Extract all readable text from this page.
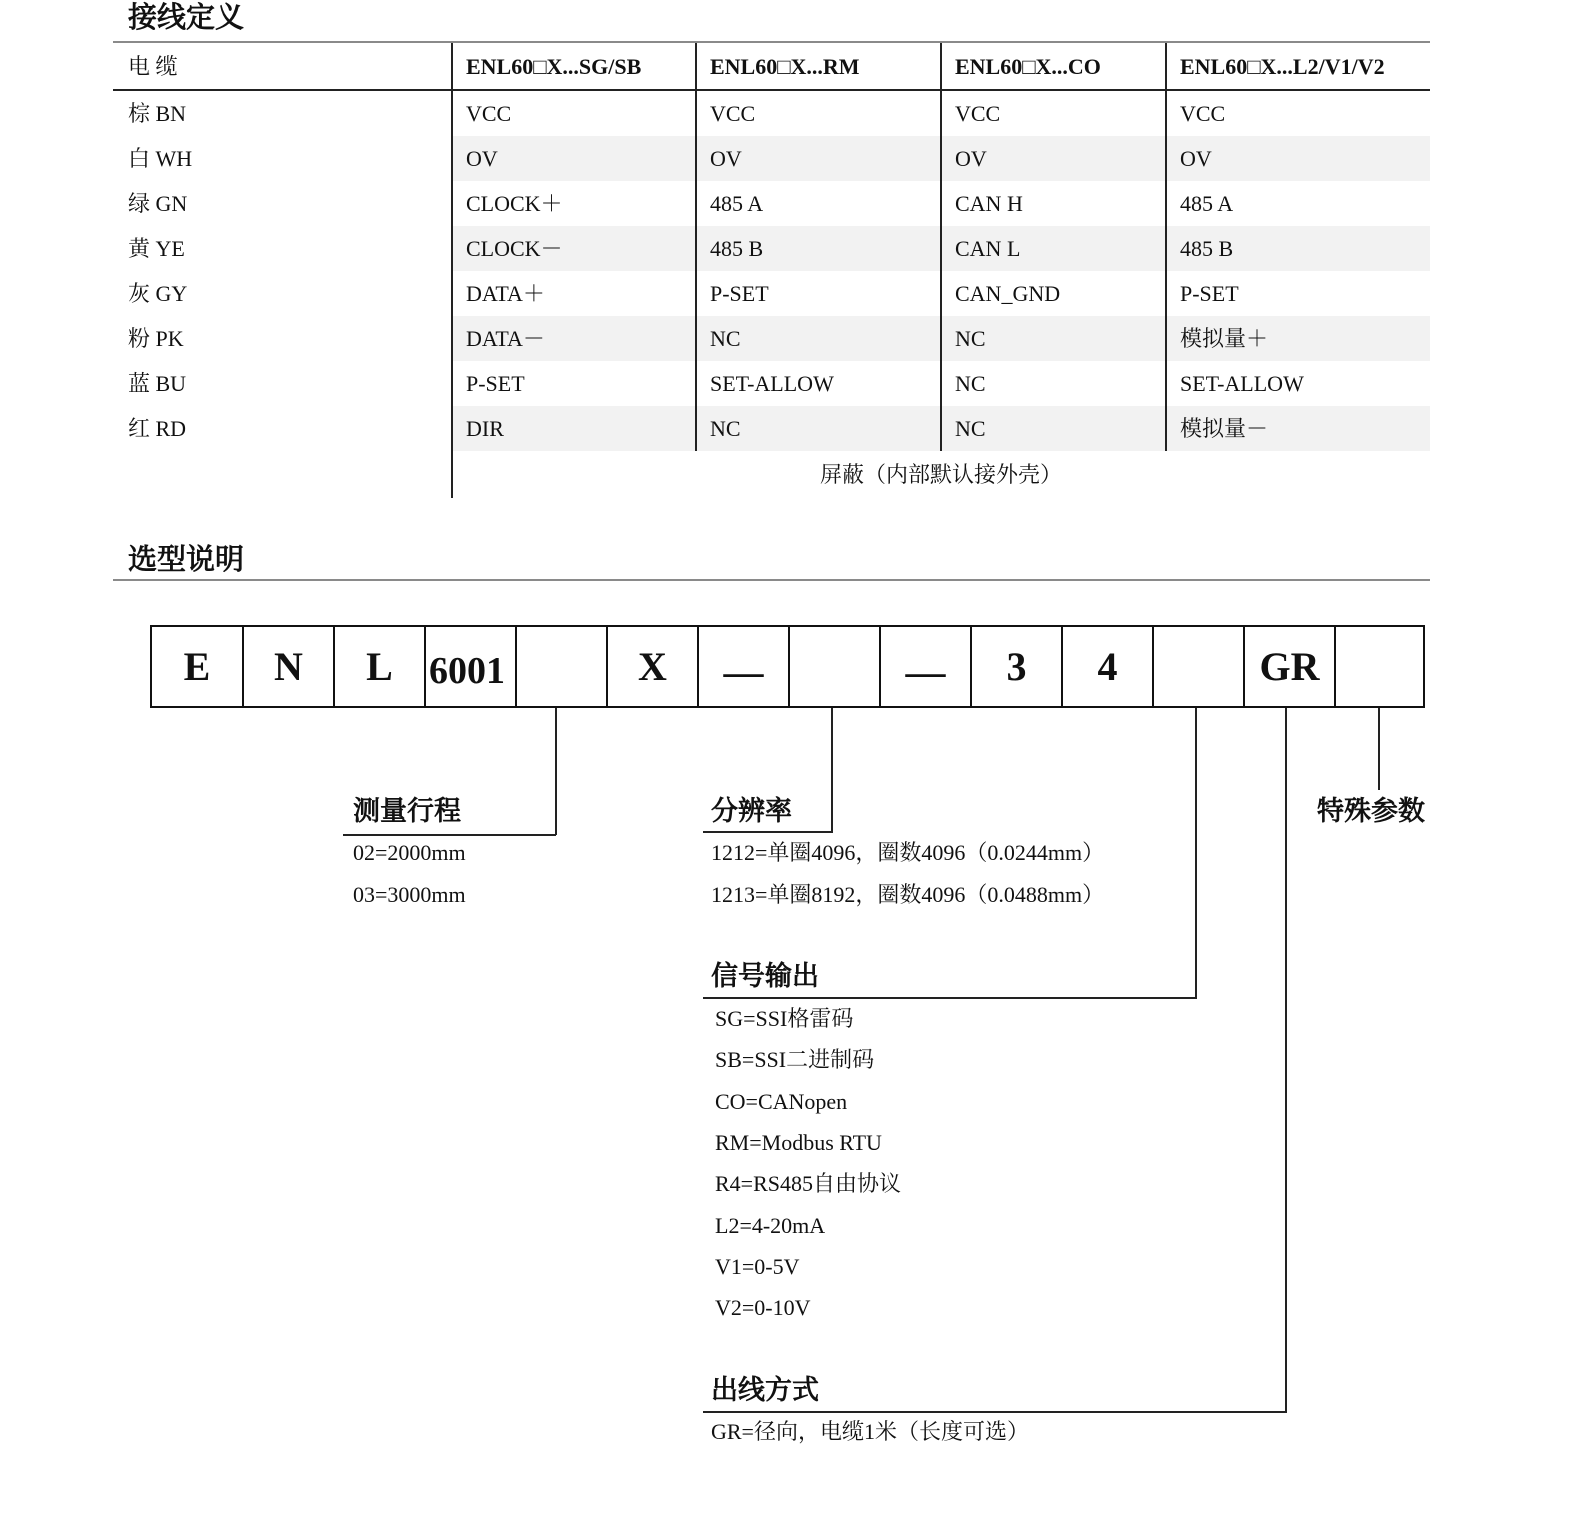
接线定义
电 缆	ENL60□X...SG/SB	ENL60□X...RM	ENL60□X...CO	ENL60□X...L2/V1/V2
棕 BN	VCC	VCC	VCC	VCC
白 WH	OV	OV	OV	OV
绿 GN	CLOCK＋	485 A	CAN H	485 A
黄 YE	CLOCK－	485 B	CAN L	485 B
灰 GY	DATA＋	P-SET	CAN_GND	P-SET
粉 PK	DATA－	NC	NC	模拟量＋
蓝 BU	P-SET	SET-ALLOW	NC	SET-ALLOW
红 RD	DIR	NC	NC	模拟量－
屏蔽（内部默认接外壳）
选型说明
E	N	L 6001	X	—	—	3	4	GR
测量行程
02=2000mm
03=3000mm
分辨率
1212=单圈4096，圈数4096（0.0244mm）
1213=单圈8192，圈数4096（0.0488mm）
信号输出
SG=SSI格雷码
SB=SSI二进制码
CO=CANopen
RM=Modbus RTU
R4=RS485自由协议
L2=4-20mA
V1=0-5V
V2=0-10V
出线方式
GR=径向，电缆1米（长度可选）
特殊参数
